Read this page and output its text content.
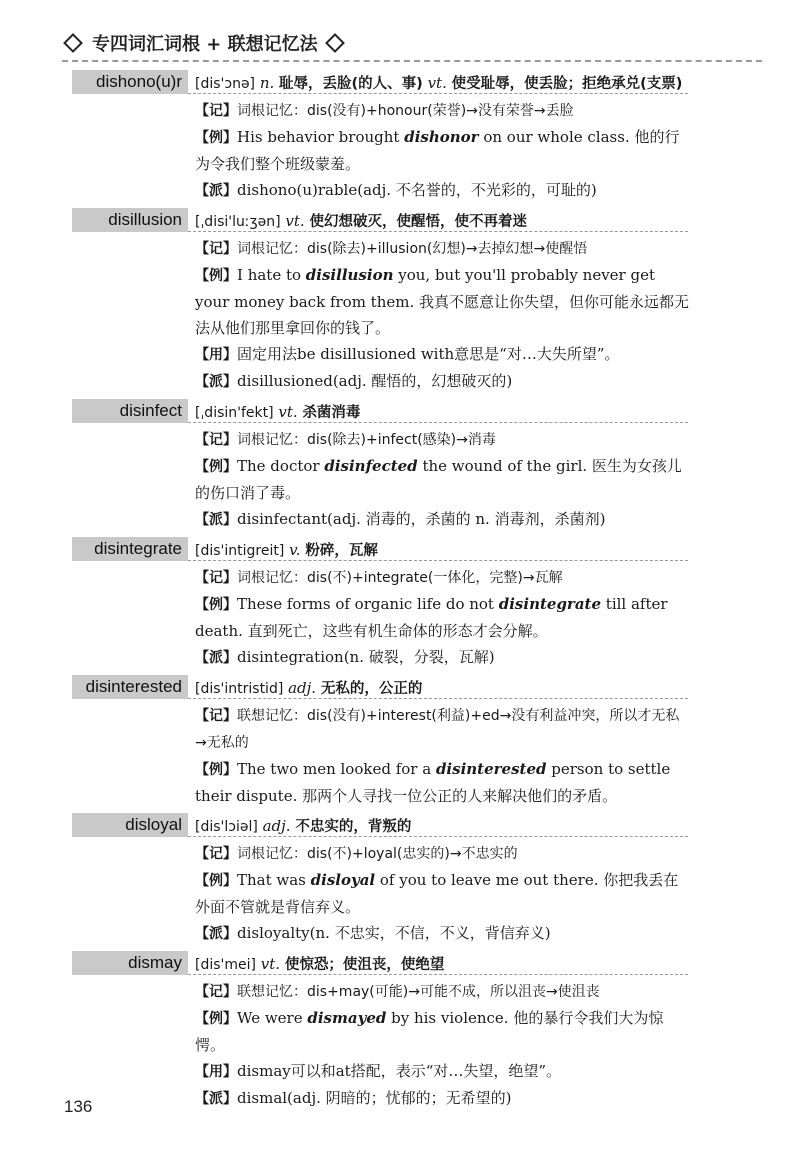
专四词汇词根 + 联想记忆法
dishono(u)r [dis'ɔnə] n. 耻辱，丢脸(的人、事) vt. 使受耻辱，使丢脸；拒绝承兑(支票)
【记】词根记忆：dis(没有)+honour(荣誉)→没有荣誉→丢脸
【例】His behavior brought dishonor on our whole class. 他的行为令我们整个班级蒙羞。
【派】dishono(u)rable(adj. 不名誉的，不光彩的，可耻的)
disillusion [ˌdisi'luːʒən] vt. 使幻想破灭，使醒悟，使不再着迷
【记】词根记忆：dis(除去)+illusion(幻想)→去掉幻想→使醒悟
【例】I hate to disillusion you, but you'll probably never get your money back from them. 我真不愿意让你失望，但你可能永远都无法从他们那里拿回你的钱了。
【用】固定用法be disillusioned with意思是“对…大失所望”。
【派】disillusioned(adj. 醒悟的，幻想破灭的)
disinfect [ˌdisin'fekt] vt. 杀菌消毒
【记】词根记忆：dis(除去)+infect(感染)→消毒
【例】The doctor disinfected the wound of the girl. 医生为女孩儿的伤口消了毒。
【派】disinfectant(adj. 消毒的，杀菌的 n. 消毒剂，杀菌剂)
disintegrate [dis'intigreit] v. 粉碎，瓦解
【记】词根记忆：dis(不)+integrate(一体化，完整)→瓦解
【例】These forms of organic life do not disintegrate till after death. 直到死亡，这些有机生命体的形态才会分解。
【派】disintegration(n. 破裂，分裂，瓦解)
disinterested [dis'intristid] adj. 无私的，公正的
【记】联想记忆：dis(没有)+interest(利益)+ed→没有利益冲突，所以才无私→无私的
【例】The two men looked for a disinterested person to settle their dispute. 那两个人寻找一位公正的人来解决他们的矛盾。
disloyal [dis'lɔiəl] adj. 不忠实的，背叛的
【记】词根记忆：dis(不)+loyal(忠实的)→不忠实的
【例】That was disloyal of you to leave me out there. 你把我丢在外面不管就是背信弃义。
【派】disloyalty(n. 不忠实，不信，不义，背信弃义)
dismay [dis'mei] vt. 使惊恐；使沮丧，使绝望
【记】联想记忆：dis+may(可能)→可能不成，所以沮丧→使沮丧
【例】We were dismayed by his violence. 他的暴行令我们大为惊愕。
【用】dismay可以和at搭配，表示“对…失望，绝望”。
【派】dismal(adj. 阴暗的；忧郁的；无希望的)
136
